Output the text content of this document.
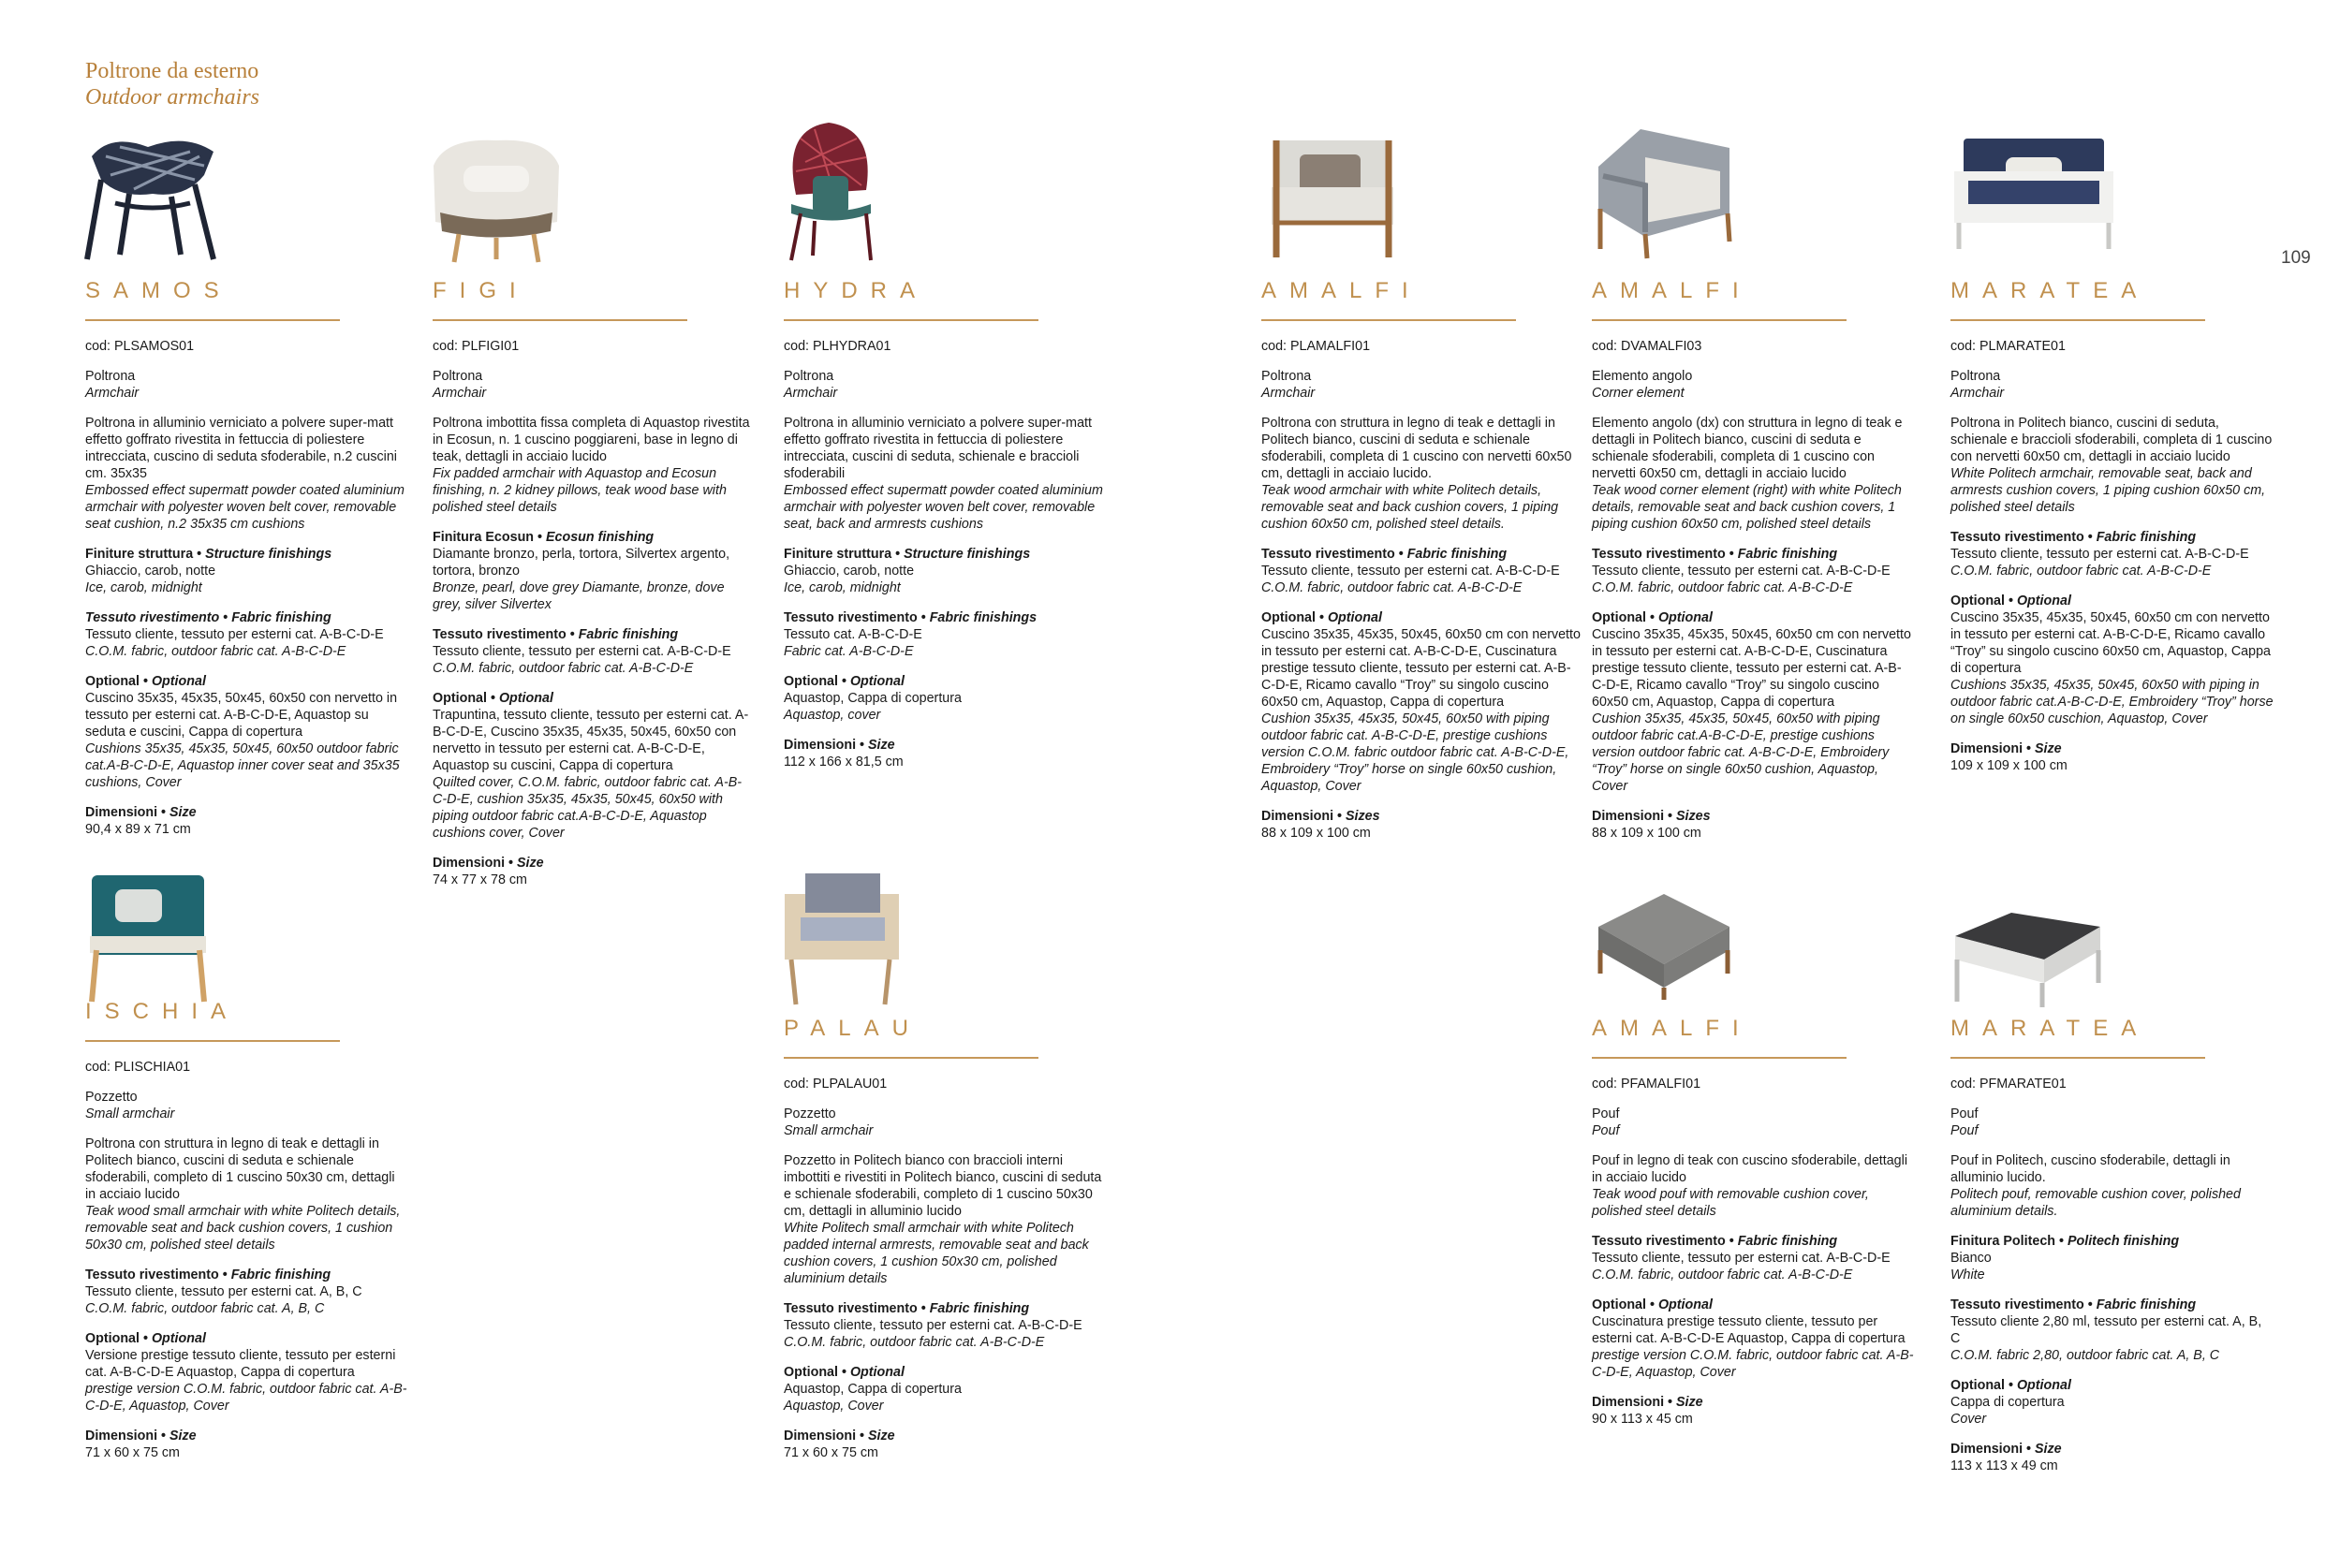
Poltrone da esterno
Outdoor armchairs
109
SAMOS

cod: PLSAMOS01

Poltrona
Armchair

Poltrona in alluminio verniciato a polvere super-matt effetto goffrato rivestita in fettuccia di poliestere intrecciata, cuscino di seduta sfoderabile, n.2 cuscini cm. 35x35
Embossed effect supermatt powder coated aluminium armchair with polyester woven belt cover, removable seat cushion, n.2 35x35 cm cushions

Finiture struttura • Structure finishings
Ghiaccio, carob, notte
Ice, carob, midnight

Tessuto rivestimento • Fabric finishing
Tessuto cliente, tessuto per esterni cat. A-B-C-D-E
C.O.M. fabric, outdoor fabric cat. A-B-C-D-E

Optional • Optional
Cuscino 35x35, 45x35, 50x45, 60x50 con nervetto in tessuto per esterni cat. A-B-C-D-E, Aquastop su seduta e cuscini, Cappa di copertura
Cushions 35x35, 45x35, 50x45, 60x50 outdoor fabric cat.A-B-C-D-E, Aquastop inner cover seat and 35x35 cushions, Cover

Dimensioni • Size
90,4 x 89 x 71 cm

FIGI

cod: PLFIGI01

Poltrona
Armchair

Poltrona imbottita fissa completa di Aquastop rivestita in Ecosun, n. 1 cuscino poggiareni, base in legno di teak, dettagli in acciaio lucido
Fix padded armchair with Aquastop and Ecosun finishing, n. 2 kidney pillows, teak wood base with polished steel details

Finitura Ecosun • Ecosun finishing
Diamante bronzo, perla, tortora, Silvertex argento, tortora, bronzo
Bronze, pearl, dove grey Diamante, bronze, dove grey, silver Silvertex

Tessuto rivestimento • Fabric finishing
Tessuto cliente, tessuto per esterni cat. A-B-C-D-E
C.O.M. fabric, outdoor fabric cat. A-B-C-D-E

Optional • Optional
Trapuntina, tessuto cliente, tessuto per esterni cat. A-B-C-D-E, Cuscino 35x35, 45x35, 50x45, 60x50 con nervetto in tessuto per esterni cat. A-B-C-D-E, Aquastop su cuscini, Cappa di copertura
Quilted cover, C.O.M. fabric, outdoor fabric cat. A-B-C-D-E, cushion 35x35, 45x35, 50x45, 60x50 with piping outdoor fabric cat.A-B-C-D-E, Aquastop cushions cover, Cover

Dimensioni • Size
74 x 77 x 78 cm

HYDRA

cod: PLHYDRA01

Poltrona
Armchair

Poltrona in alluminio verniciato a polvere super-matt effetto goffrato rivestita in fettuccia di poliestere intrecciata, cuscini di seduta, schienale e braccioli sfoderabili
Embossed effect supermatt powder coated aluminium armchair with polyester woven belt cover, removable seat, back and armrests cushions

Finiture struttura • Structure finishings
Ghiaccio, carob, notte
Ice, carob, midnight

Tessuto rivestimento • Fabric finishings
Tessuto cat. A-B-C-D-E
Fabric cat. A-B-C-D-E

Optional • Optional
Aquastop, Cappa di copertura
Aquastop, cover

Dimensioni • Size
112 x 166 x 81,5 cm

AMALFI

cod: PLAMALFI01

Poltrona
Armchair

Poltrona con struttura in legno di teak e dettagli in Politech bianco, cuscini di seduta e schienale sfoderabili, completa di 1 cuscino con nervetti 60x50 cm, dettagli in acciaio lucido.
Teak wood armchair with white Politech details, removable seat and back cushion covers, 1 piping cushion 60x50 cm, polished steel details.

Tessuto rivestimento • Fabric finishing
Tessuto cliente, tessuto per esterni cat. A-B-C-D-E
C.O.M. fabric, outdoor fabric cat. A-B-C-D-E

Optional • Optional
Cuscino 35x35, 45x35, 50x45, 60x50 cm con nervetto in tessuto per esterni cat. A-B-C-D-E, Cuscinatura prestige tessuto cliente, tessuto per esterni cat. A-B-C-D-E, Ricamo cavallo “Troy” su singolo cuscino 60x50 cm, Aquastop, Cappa di copertura
Cushion 35x35, 45x35, 50x45, 60x50 with piping outdoor fabric cat. A-B-C-D-E, prestige cushions version C.O.M. fabric outdoor fabric cat. A-B-C-D-E, Embroidery “Troy” horse on single 60x50 cushion, Aquastop, Cover

Dimensioni • Sizes
88 x 109 x 100 cm

AMALFI

cod: DVAMALFI03

Elemento angolo
Corner element

Elemento angolo (dx) con struttura in legno di teak e dettagli in Politech bianco, cuscini di seduta e schienale sfoderabili, completa di 1 cuscino con nervetti 60x50 cm, dettagli in acciaio lucido
Teak wood corner element (right) with white Politech details, removable seat and back cushion covers, 1 piping cushion 60x50 cm, polished steel details

Tessuto rivestimento • Fabric finishing
Tessuto cliente, tessuto per esterni cat. A-B-C-D-E
C.O.M. fabric, outdoor fabric cat. A-B-C-D-E

Optional • Optional
Cuscino 35x35, 45x35, 50x45, 60x50 cm con nervetto in tessuto per esterni cat. A-B-C-D-E, Cuscinatura prestige tessuto cliente, tessuto per esterni cat. A-B-C-D-E, Ricamo cavallo “Troy” su singolo cuscino 60x50 cm, Aquastop, Cappa di copertura
Cushion 35x35, 45x35, 50x45, 60x50 with piping outdoor fabric cat.A-B-C-D-E, prestige cushions version outdoor fabric cat. A-B-C-D-E, Embroidery “Troy” horse on single 60x50 cushion, Aquastop, Cover

Dimensioni • Sizes
88 x 109 x 100 cm

MARATEA

cod: PLMARATE01

Poltrona
Armchair

Poltrona in Politech bianco, cuscini di seduta, schienale e braccioli sfoderabili, completa di 1 cuscino con nervetti 60x50 cm, dettagli in acciaio lucido
White Politech armchair, removable seat, back and armrests cushion covers, 1 piping cushion 60x50 cm, polished steel details

Tessuto rivestimento • Fabric finishing
Tessuto cliente, tessuto per esterni cat. A-B-C-D-E
C.O.M. fabric, outdoor fabric cat. A-B-C-D-E

Optional • Optional
Cuscino 35x35, 45x35, 50x45, 60x50 cm con nervetto in tessuto per esterni cat. A-B-C-D-E, Ricamo cavallo “Troy” su singolo cuscino 60x50 cm, Aquastop, Cappa di copertura
Cushions 35x35, 45x35, 50x45, 60x50 with piping in outdoor fabric cat.A-B-C-D-E, Embroidery “Troy” horse on single 60x50 cuschion, Aquastop, Cover

Dimensioni • Size
109 x 109 x 100 cm

ISCHIA

cod: PLISCHIA01

Pozzetto
Small armchair

Poltrona con struttura in legno di teak e dettagli in Politech bianco, cuscini di seduta e schienale sfoderabili, completo di 1 cuscino 50x30 cm, dettagli in acciaio lucido
Teak wood small armchair with white Politech details, removable seat and back cushion covers, 1 cushion 50x30 cm, polished steel details

Tessuto rivestimento • Fabric finishing
Tessuto cliente, tessuto per esterni cat. A, B, C
C.O.M. fabric, outdoor fabric cat. A, B, C

Optional • Optional
Versione prestige tessuto cliente, tessuto per esterni cat. A-B-C-D-E Aquastop, Cappa di copertura
prestige version C.O.M. fabric, outdoor fabric cat. A-B-C-D-E, Aquastop, Cover

Dimensioni • Size
71 x 60 x 75 cm

PALAU

cod: PLPALAU01

Pozzetto
Small armchair

Pozzetto in Politech bianco con braccioli interni imbottiti e rivestiti in Politech bianco, cuscini di seduta e schienale sfoderabili, completo di 1 cuscino 50x30 cm, dettagli in alluminio lucido
White Politech small armchair with white Politech padded internal armrests, removable seat and back cushion covers, 1 cushion 50x30 cm, polished aluminium details

Tessuto rivestimento • Fabric finishing
Tessuto cliente, tessuto per esterni cat. A-B-C-D-E
C.O.M. fabric, outdoor fabric cat. A-B-C-D-E

Optional • Optional
Aquastop, Cappa di copertura
Aquastop, Cover

Dimensioni • Size
71 x 60 x 75 cm

AMALFI

cod: PFAMALFI01

Pouf
Pouf

Pouf in legno di teak con cuscino sfoderabile, dettagli in acciaio lucido
Teak wood pouf with removable cushion cover, polished steel details

Tessuto rivestimento • Fabric finishing
Tessuto cliente, tessuto per esterni cat. A-B-C-D-E
C.O.M. fabric, outdoor fabric cat. A-B-C-D-E

Optional • Optional
Cuscinatura prestige tessuto cliente, tessuto per esterni cat. A-B-C-D-E Aquastop, Cappa di copertura
prestige version C.O.M. fabric, outdoor fabric cat. A-B-C-D-E, Aquastop, Cover

Dimensioni • Size
90 x 113 x 45 cm

MARATEA

cod: PFMARATE01

Pouf
Pouf

Pouf in Politech, cuscino sfoderabile, dettagli in alluminio lucido.
Politech pouf, removable cushion cover, polished aluminium details.

Finitura Politech • Politech finishing
Bianco
White

Tessuto rivestimento • Fabric finishing
Tessuto cliente 2,80 ml, tessuto per esterni cat. A, B, C
C.O.M. fabric 2,80, outdoor fabric cat. A, B, C

Optional • Optional
Cappa di copertura
Cover

Dimensioni • Size
113 x 113 x 49 cm
